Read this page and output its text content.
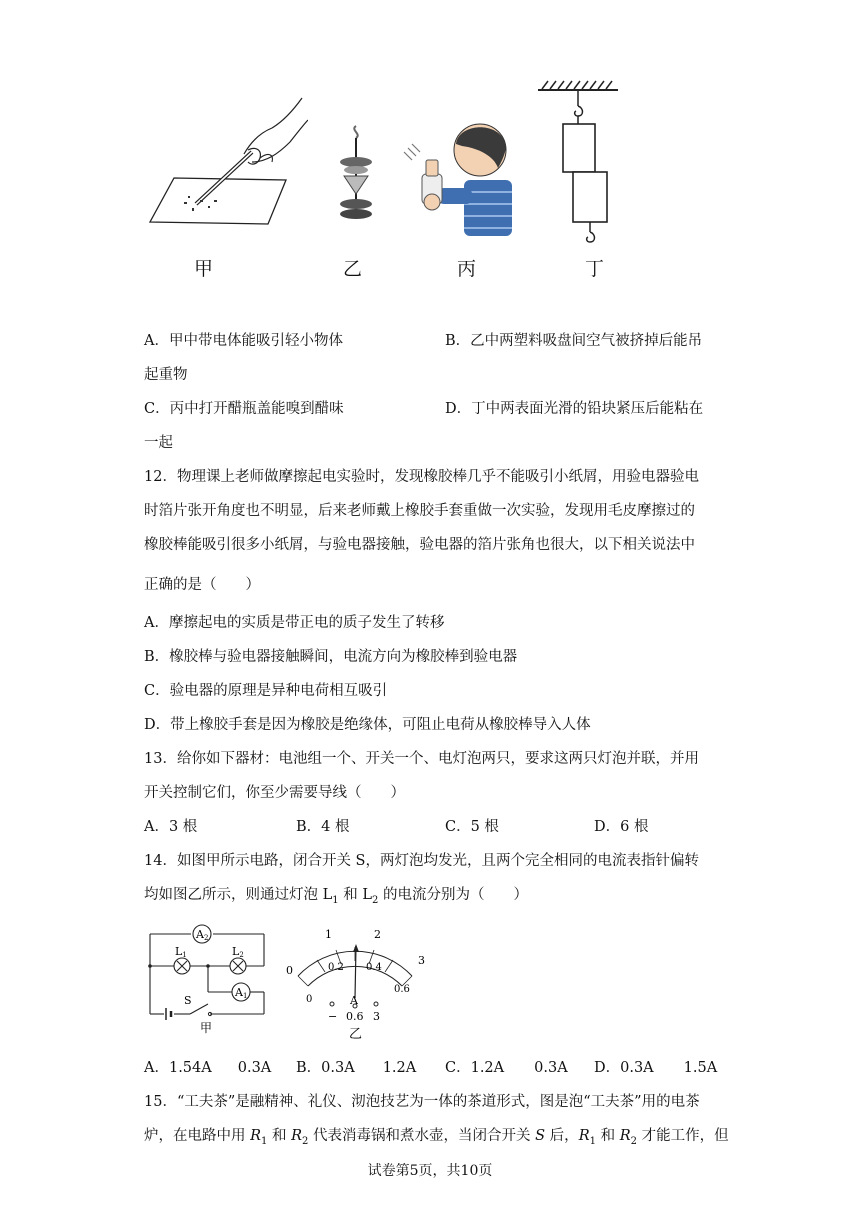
甲	乙	丙	丁
A．甲中带电体能吸引轻小物体	B．乙中两塑料吸盘间空气被挤掉后能吊
起重物
C．丙中打开醋瓶盖能嗅到醋味	D．丁中两表面光滑的铅块紧压后能粘在
一起
12．物理课上老师做摩擦起电实验时，发现橡胶棒几乎不能吸引小纸屑，用验电器验电
时箔片张开角度也不明显，后来老师戴上橡胶手套重做一次实验，发现用毛皮摩擦过的
橡胶棒能吸引很多小纸屑，与验电器接触，验电器的箔片张角也很大，以下相关说法中
正确的是（　　）
A．摩擦起电的实质是带正电的质子发生了转移
B．橡胶棒与验电器接触瞬间，电流方向为橡胶棒到验电器
C．验电器的原理是异种电荷相互吸引
D．带上橡胶手套是因为橡胶是绝缘体，可阻止电荷从橡胶棒导入人体
13．给你如下器材：电池组一个、开关一个、电灯泡两只，要求这两只灯泡并联，并用
开关控制它们，你至少需要导线（　　）
A．3 根	B．4 根	C．5 根	D．6 根
14．如图甲所示电路，闭合开关 S，两灯泡均发光，且两个完全相同的电流表指针偏转
均如图乙所示，则通过灯泡 $L_1$ 和 $L_2$ 的电流分别为（　　）
A2
L1	L2
A1
S
甲
0
1	2
3
0
0.2 0.4
0.6
A
− 0.6 3
乙
A．1.54A 0.3A B．0.3A 1.2A C．1.2A 0.3A D．0.3A 1.5A
15．“工夫茶”是融精神、礼仪、沏泡技艺为一体的茶道形式，图是泡“工夫茶”用的电茶
炉，在电路中用 $R_1$ 和 $R_2$ 代表消毒锅和煮水壶，当闭合开关 S 后，$R_1$ 和 $R_2$ 才能工作，但
试卷第5页，共10页
